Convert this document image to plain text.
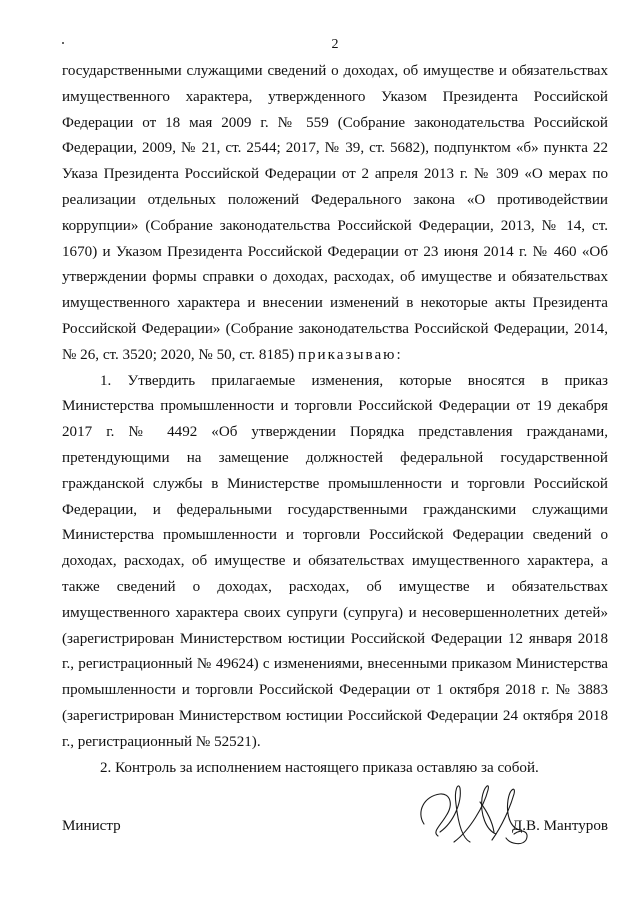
2

государственными служащими сведений о доходах, об имуществе и обязательствах имущественного характера, утвержденного Указом Президента Российской Федерации от 18 мая 2009 г. № 559 (Собрание законодательства Российской Федерации, 2009, № 21, ст. 2544; 2017, № 39, ст. 5682), подпунктом «б» пункта 22 Указа Президента Российской Федерации от 2 апреля 2013 г. № 309 «О мерах по реализации отдельных положений Федерального закона «О противодействии коррупции» (Собрание законодательства Российской Федерации, 2013, № 14, ст. 1670) и Указом Президента Российской Федерации от 23 июня 2014 г. № 460 «Об утверждении формы справки о доходах, расходах, об имуществе и обязательствах имущественного характера и внесении изменений в некоторые акты Президента Российской Федерации» (Собрание законодательства Российской Федерации, 2014, № 26, ст. 3520; 2020, № 50, ст. 8185) приказываю:

1. Утвердить прилагаемые изменения, которые вносятся в приказ Министерства промышленности и торговли Российской Федерации от 19 декабря 2017 г. № 4492 «Об утверждении Порядка представления гражданами, претендующими на замещение должностей федеральной государственной гражданской службы в Министерстве промышленности и торговли Российской Федерации, и федеральными государственными гражданскими служащими Министерства промышленности и торговли Российской Федерации сведений о доходах, расходах, об имуществе и обязательствах имущественного характера, а также сведений о доходах, расходах, об имуществе и обязательствах имущественного характера своих супруги (супруга) и несовершеннолетних детей» (зарегистрирован Министерством юстиции Российской Федерации 12 января 2018 г., регистрационный № 49624) с изменениями, внесенными приказом Министерства промышленности и торговли Российской Федерации от 1 октября 2018 г. № 3883 (зарегистрирован Министерством юстиции Российской Федерации 24 октября 2018 г., регистрационный № 52521).

2. Контроль за исполнением настоящего приказа оставляю за собой.

Министр	Д.В. Мантуров
